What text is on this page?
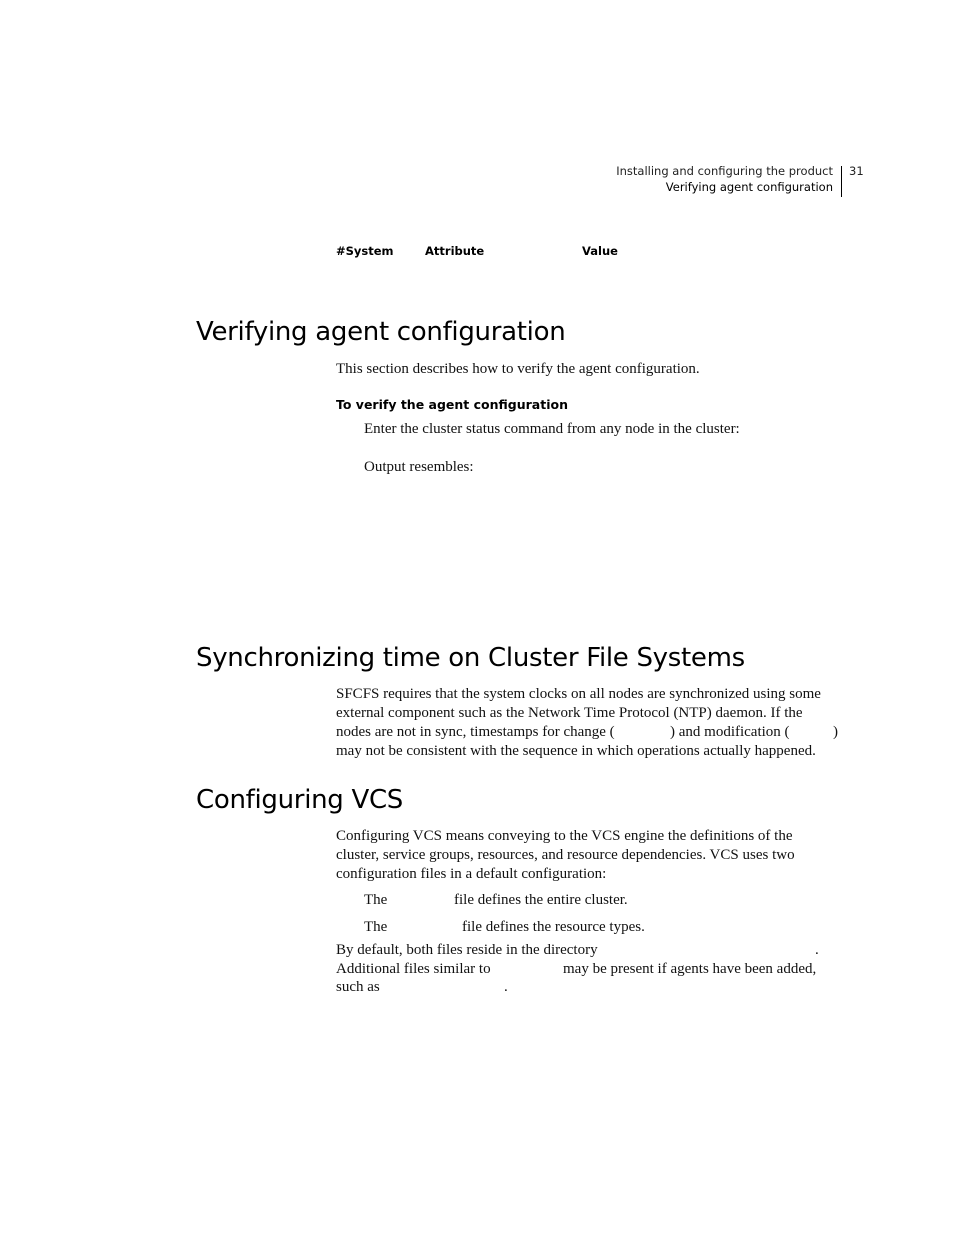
Installing and configuring the product
Verifying agent configuration
31
#System	Attribute	Value
Verifying agent configuration
This section describes how to verify the agent configuration.
To verify the agent configuration
Enter the cluster status command from any node in the cluster:
Output resembles:
Synchronizing time on Cluster File Systems
SFCFS requires that the system clocks on all nodes are synchronized using some
external component such as the Network Time Protocol (NTP) daemon. If the
nodes are not in sync, timestamps for change (	) and modification (	)
may not be consistent with the sequence in which operations actually happened.
Configuring VCS
Configuring VCS means conveying to the VCS engine the definitions of the
cluster, service groups, resources, and resource dependencies. VCS uses two
configuration files in a default configuration:
The	file defines the entire cluster.
The	file defines the resource types.
By default, both files reside in the directory	.
Additional files similar to	may be present if agents have been added,
such as	.
